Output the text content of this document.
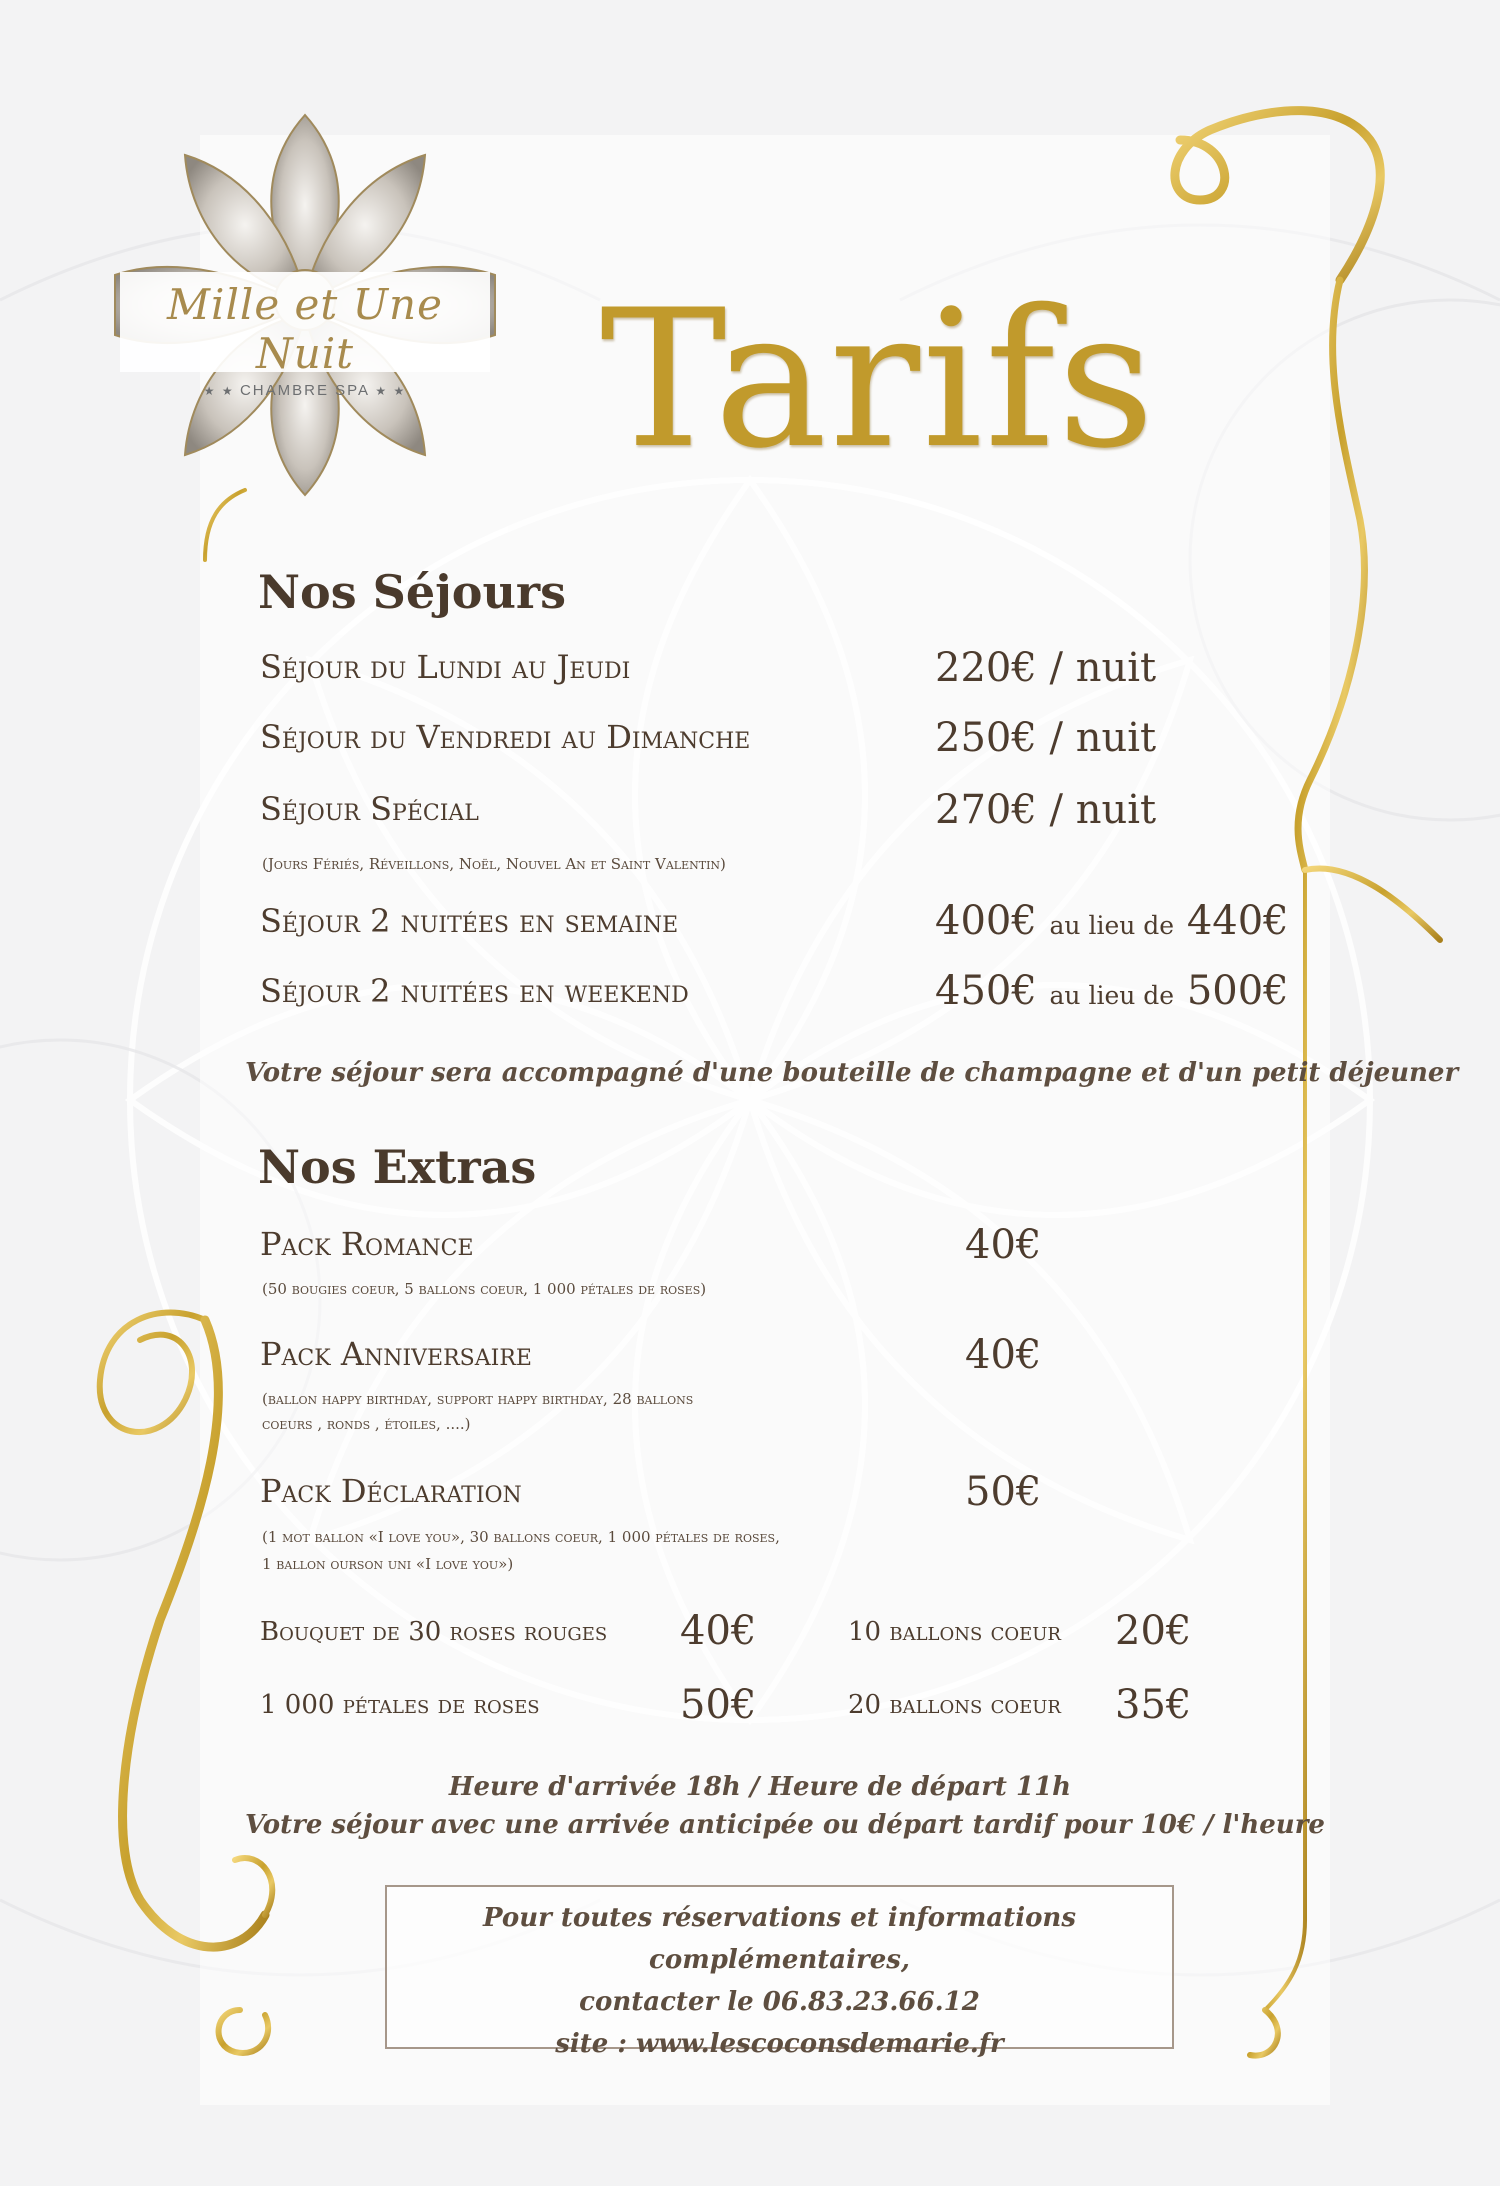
Mille et Une Nuit
★ ★ CHAMBRE SPA ★ ★	Tarifs
Nos Séjours
Séjour du Lundi au Jeudi	220€ / nuit
Séjour du Vendredi au Dimanche	250€ / nuit
Séjour Spécial	270€ / nuit
(Jours Fériés, Réveillons, Noël, Nouvel An et Saint Valentin)
Séjour 2 nuitées en semaine	400€ au lieu de 440€
Séjour 2 nuitées en weekend	450€ au lieu de 500€
Votre séjour sera accompagné d'une bouteille de champagne et d'un petit déjeuner
Nos Extras
Pack Romance	40€
(50 bougies coeur, 5 ballons coeur, 1 000 pétales de roses)
Pack Anniversaire	40€
(ballon happy birthday, support happy birthday, 28 ballons
coeurs , ronds , étoiles, ....)
Pack Déclaration	50€
(1 mot ballon «I love you», 30 ballons coeur, 1 000 pétales de roses,
1 ballon ourson uni «I love you»)
Bouquet de 30 roses rouges 40€	10 ballons coeur 20€
1 000 pétales de roses	50€	20 ballons coeur 35€
Heure d'arrivée 18h / Heure de départ 11h
Votre séjour avec une arrivée anticipée ou départ tardif pour 10€ / l'heure
Pour toutes réservations et informations complémentaires,
contacter le 06.83.23.66.12
site : www.lescoconsdemarie.fr
